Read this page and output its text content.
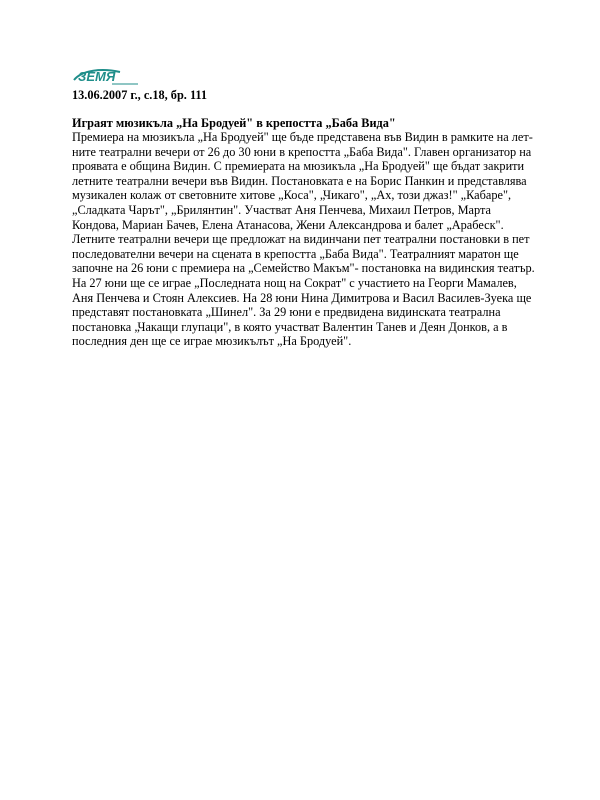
ЗЕМЯ
13.06.2007 г., с.18, бр. 111
Играят мюзикъла „На Бродуей" в крепостта „Баба Вида"
Премиера на мюзикъла „На Бродуей" ще бъде представена във Видин в рамките на лет-
ните театрални вечери от 26 до 30 юни в крепостта „Баба Вида". Главен организатор на
проявата е община Видин. С премиерата на мюзикъла „На Бродуей" ще бъдат закрити
летните театрални вечери във Видин. Постановката е на Борис Панкин и представлява
музикален колаж от световните хитове „Коса", „Чикаго", „Ах, този джаз!" „Кабаре",
„Сладката Чарът", „Брилянтин". Участват Аня Пенчева, Михаил Петров, Марта
Кондова, Мариан Бачев, Елена Атанасова, Жени Александрова и балет „Арабеск".
Летните театрални вечери ще предложат на видинчани пет театрални постановки в пет
последователни вечери на сцената в крепостта „Баба Вида". Театралният маратон ще
започне на 26 юни с премиера на „Семейство Макъм"- постановка на видинския театър.
На 27 юни ще се играе „Последната нощ на Сократ" с участието на Георги Мамалев,
Аня Пенчева и Стоян Алексиев. На 28 юни Нина Димитрова и Васил Василев-Зуека ще
представят постановката „Шинел". За 29 юни е предвидена видинската театрална
постановка „Чакащи глупаци", в която участват Валентин Танев и Деян Донков, а в
последния ден ще се играе мюзикълът „На Бродуей".
